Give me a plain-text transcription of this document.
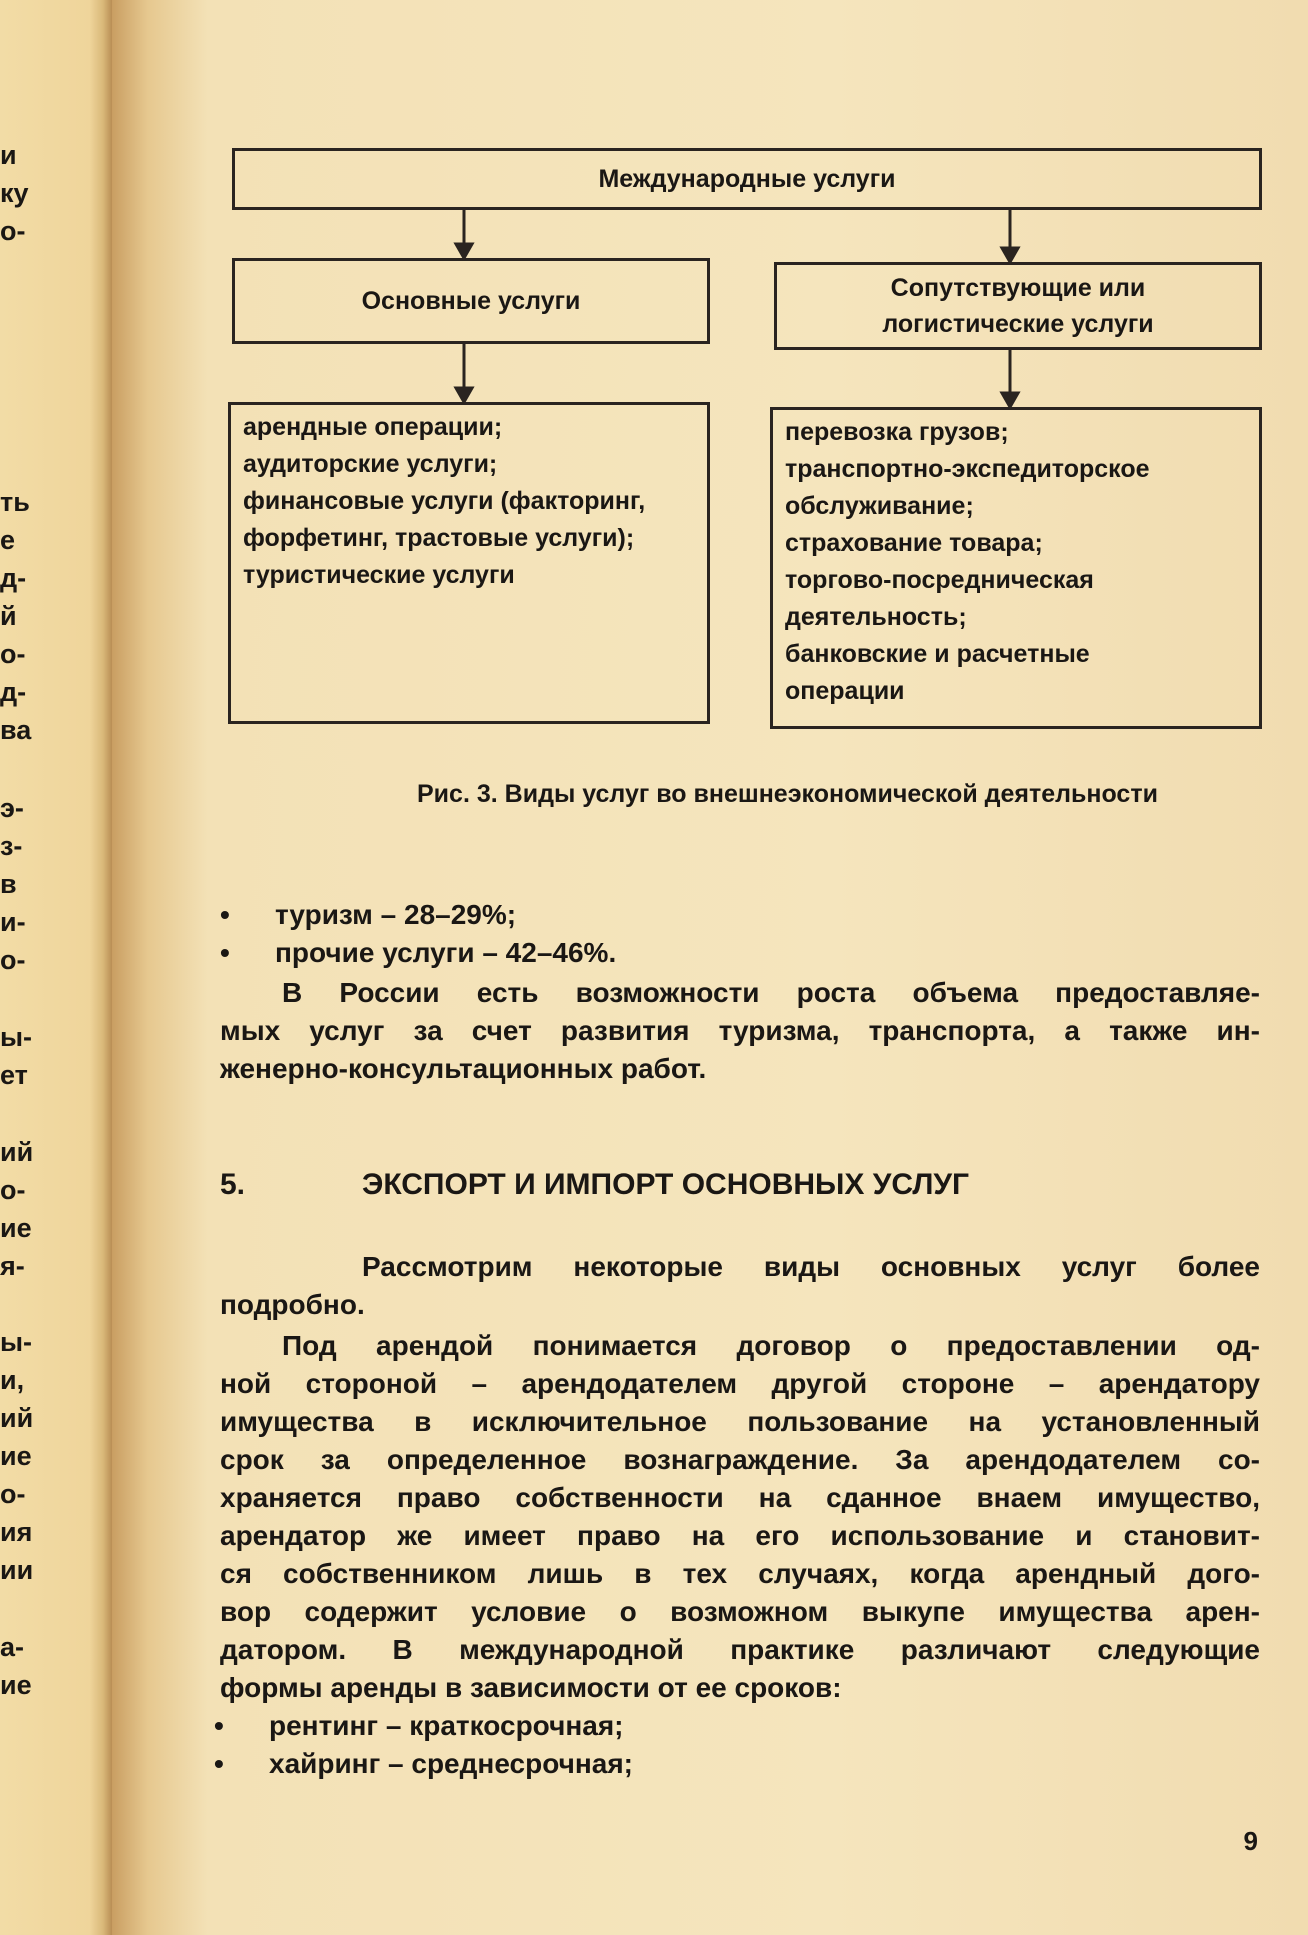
и
ку
о-
ть
е
д-
й
о-
д-
ва
э-
з-
в
и-
о-
ы-
ет
ий
о-
ие
я-
ы-
и,
ий
ие
о-
ия
ии
а-
ие
Международные услуги
Основные услуги	Сопутствующие или
логистические услуги
арендные операции;
аудиторские услуги;
финансовые услуги (факторинг,
форфетинг, трастовые услуги);
туристические услуги
перевозка грузов;
транспортно-экспедиторское
обслуживание;
страхование товара;
торгово-посредническая
деятельность;
банковские и расчетные
операции
Рис. 3. Виды услуг во внешнеэкономической деятельности
• туризм – 28–29%;
• прочие услуги – 42–46%.
В России есть возможности роста объема предоставляе-
мых услуг за счет развития туризма, транспорта, а также ин-
женерно-консультационных работ.
5.	ЭКСПОРТ И ИМПОРТ ОСНОВНЫХ УСЛУГ
Рассмотрим некоторые виды основных услуг более
подробно.
Под арендой понимается договор о предоставлении од-
ной стороной – арендодателем другой стороне – арендатору
имущества в исключительное пользование на установленный
срок за определенное вознаграждение. За арендодателем со-
храняется право собственности на сданное внаем имущество,
арендатор же имеет право на его использование и становит-
ся собственником лишь в тех случаях, когда арендный дого-
вор содержит условие о возможном выкупе имущества арен-
датором. В международной практике различают следующие
формы аренды в зависимости от ее сроков:
• рентинг – краткосрочная;
• хайринг – среднесрочная;
9
